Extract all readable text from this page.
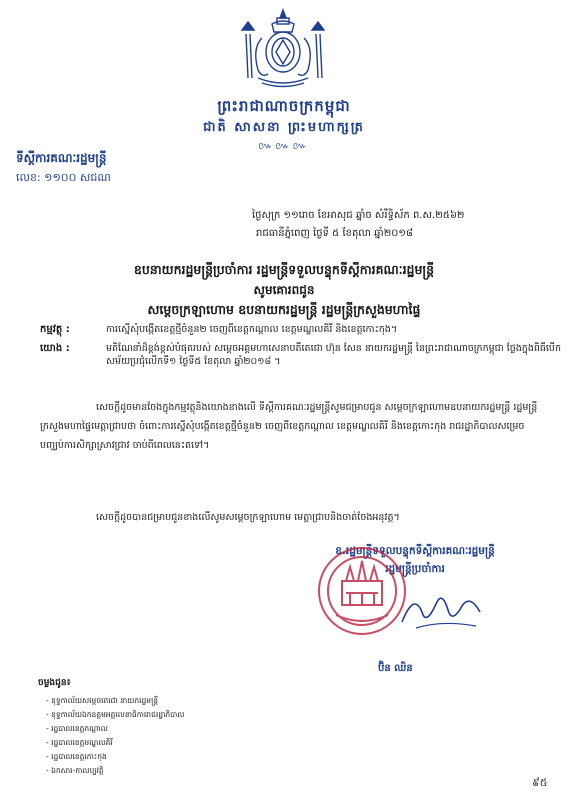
ព្រះរាជាណាចក្រកម្ពុជា
ជាតិ សាសនា ព្រះមហាក្សត្រ
៚៚៚
ទីស្តីការគណៈរដ្ឋមន្ត្រី
លេខ: ១១០០ សជណ
ថ្ងៃសុក្រ ១១រោច ខែអាសុជ ឆ្នាំច សំរឹទ្ធិស័ក ព.ស.២៥៦២
រាជធានីភ្នំពេញ ថ្ងៃទី ៥ ខែតុលា ឆ្នាំ២០១៨
ឧបនាយករដ្ឋមន្ត្រីប្រចាំការ រដ្ឋមន្ត្រីទទួលបន្ទុកទីស្តីការគណៈរដ្ឋមន្ត្រី
សូមគោរពជូន
សម្តេចក្រឡាហោម ឧបនាយករដ្ឋមន្ត្រី រដ្ឋមន្ត្រីក្រសួងមហាផ្ទៃ
កម្មវត្ថុ :	ការស្នើសុំបង្កើតខេត្តថ្មីចំនួន២ ចេញពីខេត្តកណ្តាល ខេត្តមណ្ឌលគិរី និងខេត្តកោះកុង។
យោង :	មតិណែនាំដ៏ខ្ពង់ខ្ពស់បំផុតរបស់ សម្តេចអគ្គមហាសេនាបតីតេជោ ហ៊ុន សែន នាយករដ្ឋមន្ត្រី នៃព្រះរាជាណាចក្រកម្ពុជា ថ្លែងក្នុងពិធីបើកសម័យប្រជុំលើកទី១ ថ្ងៃទី៥ ខែតុលា ឆ្នាំ២០១៨ ។
សេចក្តីដូចមានចែងក្នុងកម្មវត្ថុនិងយោងខាងលើ ទីស្តីការគណៈរដ្ឋមន្ត្រីសូមជម្រាបជូន សម្តេចក្រឡាហោមឧបនាយករដ្ឋមន្ត្រី រដ្ឋមន្ត្រីក្រសួងមហាផ្ទៃមេត្តាជ្រាបថា ចំពោះការស្នើសុំបង្កើតខេត្តថ្មីចំនួន២ ចេញពីខេត្តកណ្តាល ខេត្តមណ្ឌលគិរី និងខេត្តកោះកុង រាជរដ្ឋាភិបាលសម្រេចបញ្ឈប់ការសិក្សាស្រាវជ្រាវ ចាប់ពីពេលនេះតទៅ។
សេចក្តីដូចបានជម្រាបជូនខាងលើសូមសម្តេចក្រឡាហោម មេត្តាជ្រាបនិងចាត់ចែងអនុវត្ត។
ឧ.រដ្ឋមន្ត្រីទទួលបន្ទុកទីស្តីការគណៈរដ្ឋមន្ត្រី
រដ្ឋមន្ត្រីប្រចាំការ
ប៊ិន ឈិន
ចម្លងជូន៖
- ខុទ្ទកាល័យសម្តេចតេជោ នាយករដ្ឋមន្ត្រី
- ខុទ្ទកាល័យឯកឧត្តមអគ្គលេខាធិការរាជរដ្ឋាភិបាល
- រដ្ឋបាលខេត្តកណ្តាល
- រដ្ឋបាលខេត្តមណ្ឌលគិរី
- រដ្ឋបាលខេត្តកោះកុង
- ឯកសារ-កាលប្បវត្តិ
៩៥
